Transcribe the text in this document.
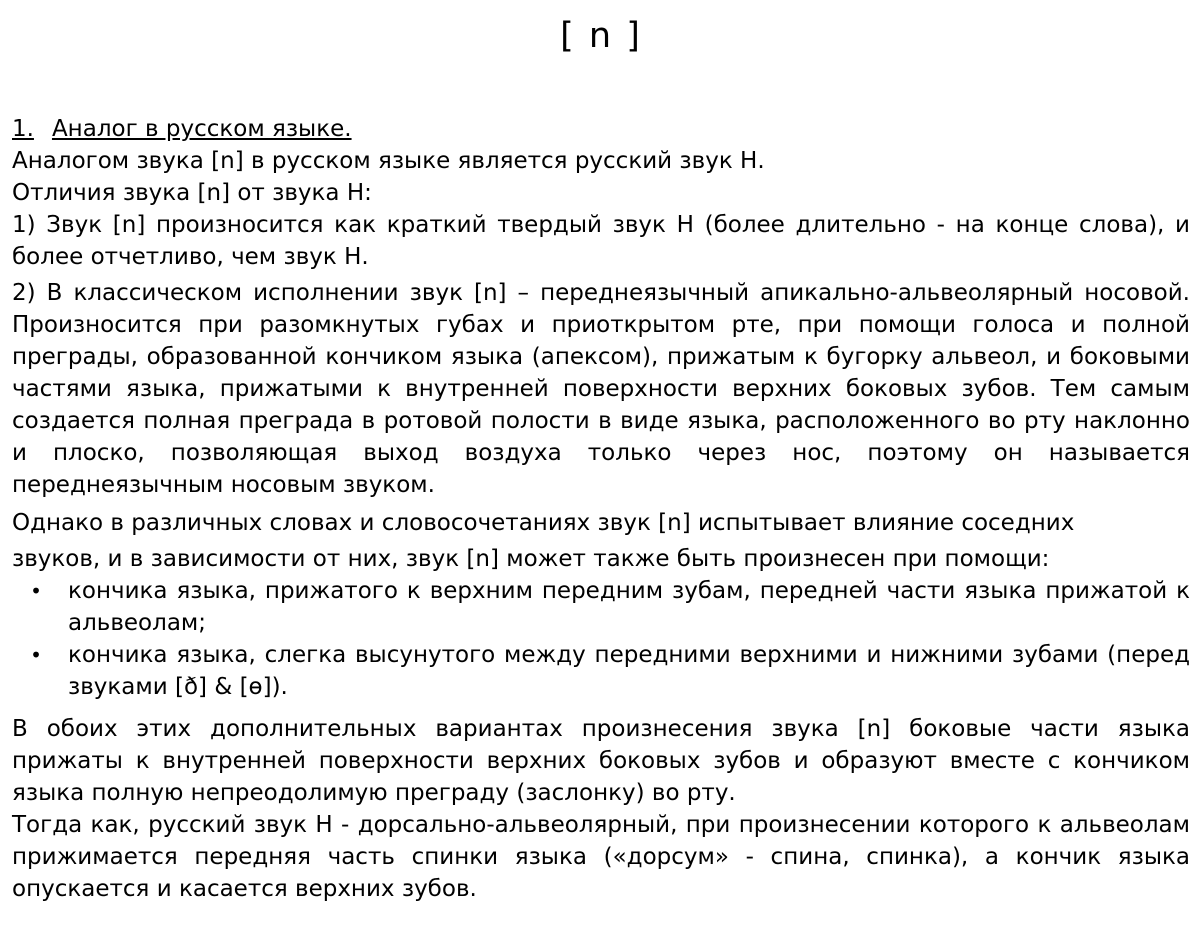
[ n ]

1. Аналог в русском языке.

Аналогом звука [n] в русском языке является русский звук Н.

Отличия звука [n] от звука Н:

1) Звук [n] произносится как краткий твердый звук Н (более длительно - на конце слова), и более отчетливо, чем звук Н.

2) В классическом исполнении звук [n] – переднеязычный апикально-альвеолярный носовой. Произносится при разомкнутых губах и приоткрытом рте, при помощи голоса и полной преграды, образованной кончиком языка (апексом), прижатым к бугорку альвеол, и боковыми частями языка, прижатыми к внутренней поверхности верхних боковых зубов. Тем самым создается полная преграда в ротовой полости в виде языка, расположенного во рту наклонно и плоско, позволяющая выход воздуха только через нос, поэтому он называется переднеязычным носовым звуком.

Однако в различных словах и словосочетаниях звук [n] испытывает влияние соседних

звуков, и в зависимости от них, звук [n] может также быть произнесен при помощи:

• кончика языка, прижатого к верхним передним зубам, передней части языка прижатой к альвеолам;
• кончика языка, слегка высунутого между передними верхними и нижними зубами (перед звуками [ð] & [ɵ]).

В обоих этих дополнительных вариантах произнесения звука [n] боковые части языка прижаты к внутренней поверхности верхних боковых зубов и образуют вместе с кончиком языка полную непреодолимую преграду (заслонку) во рту.

Тогда как, русский звук Н - дорсально-альвеолярный, при произнесении которого к альвеолам прижимается передняя часть спинки языка («дорсум» - спина, спинка), а кончик языка опускается и касается верхних зубов.
